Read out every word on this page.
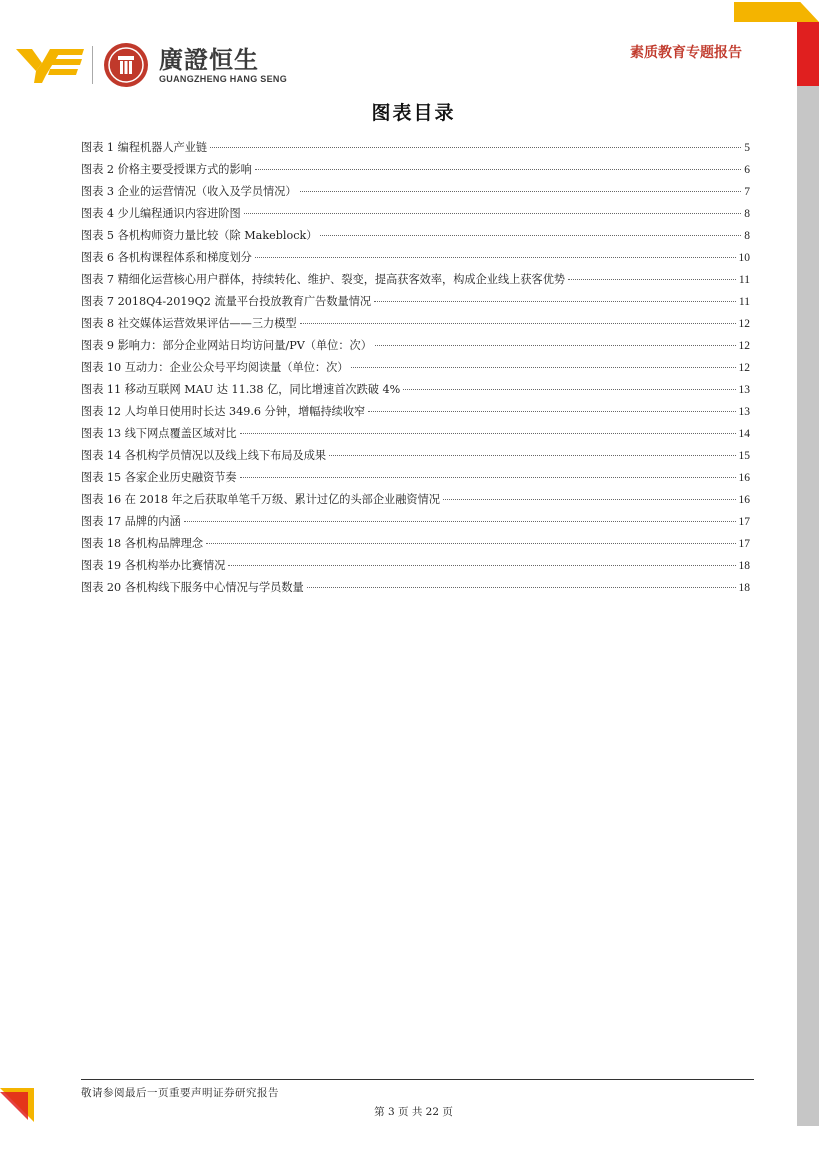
廣證恒生
GUANGZHENG HANG SENG
素质教育专题报告
图表目录
图表 1 编程机器人产业链	5
图表 2 价格主要受授课方式的影响	6
图表 3 企业的运营情况（收入及学员情况）	7
图表 4 少儿编程通识内容进阶图	8
图表 5 各机构师资力量比较（除 Makeblock）	8
图表 6 各机构课程体系和梯度划分	10
图表 7 精细化运营核心用户群体，持续转化、维护、裂变，提高获客效率，构成企业线上获客优势	11
图表 7 2018Q4-2019Q2 流量平台投放教育广告数量情况	11
图表 8 社交媒体运营效果评估——三力模型	12
图表 9 影响力：部分企业网站日均访问量/PV（单位：次）	12
图表 10 互动力：企业公众号平均阅读量（单位：次）	12
图表 11 移动互联网 MAU 达 11.38 亿，同比增速首次跌破 4%	13
图表 12 人均单日使用时长达 349.6 分钟，增幅持续收窄	13
图表 13 线下网点覆盖区域对比	14
图表 14 各机构学员情况以及线上线下布局及成果	15
图表 15 各家企业历史融资节奏	16
图表 16 在 2018 年之后获取单笔千万级、累计过亿的头部企业融资情况	16
图表 17 品牌的内涵	17
图表 18 各机构品牌理念	17
图表 19 各机构举办比赛情况	18
图表 20 各机构线下服务中心情况与学员数量	18
敬请参阅最后一页重要声明证券研究报告
第 3 页 共 22 页
